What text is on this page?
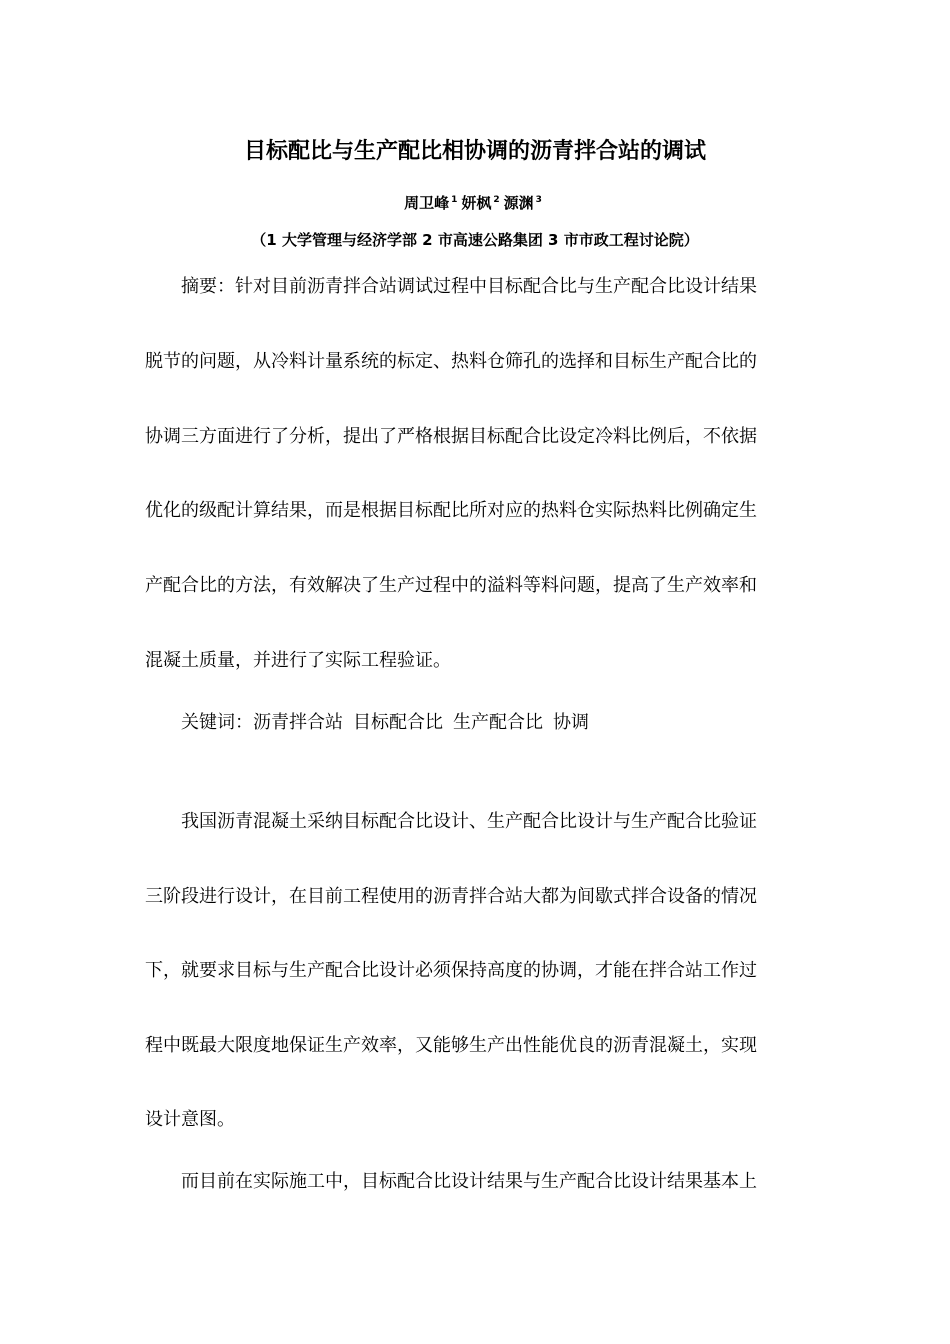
目标配比与生产配比相协调的沥青拌合站的调试
周卫峰 $^1$ 妍枫 $^2$ 源渊 $^3$
（1 大学管理与经济学部 2 市高速公路集团 3 市市政工程讨论院）
摘要：针对目前沥青拌合站调试过程中目标配合比与生产配合比设计结果
脱节的问题，从冷料计量系统的标定、热料仓筛孔的选择和目标生产配合比的
协调三方面进行了分析，提出了严格根据目标配合比设定冷料比例后，不依据
优化的级配计算结果，而是根据目标配比所对应的热料仓实际热料比例确定生
产配合比的方法，有效解决了生产过程中的溢料等料问题，提高了生产效率和
混凝土质量，并进行了实际工程验证。
关键词：沥青拌合站 目标配合比 生产配合比 协调
我国沥青混凝土采纳目标配合比设计、生产配合比设计与生产配合比验证
三阶段进行设计，在目前工程使用的沥青拌合站大都为间歇式拌合设备的情况
下，就要求目标与生产配合比设计必须保持高度的协调，才能在拌合站工作过
程中既最大限度地保证生产效率，又能够生产出性能优良的沥青混凝土，实现
设计意图。
而目前在实际施工中，目标配合比设计结果与生产配合比设计结果基本上
